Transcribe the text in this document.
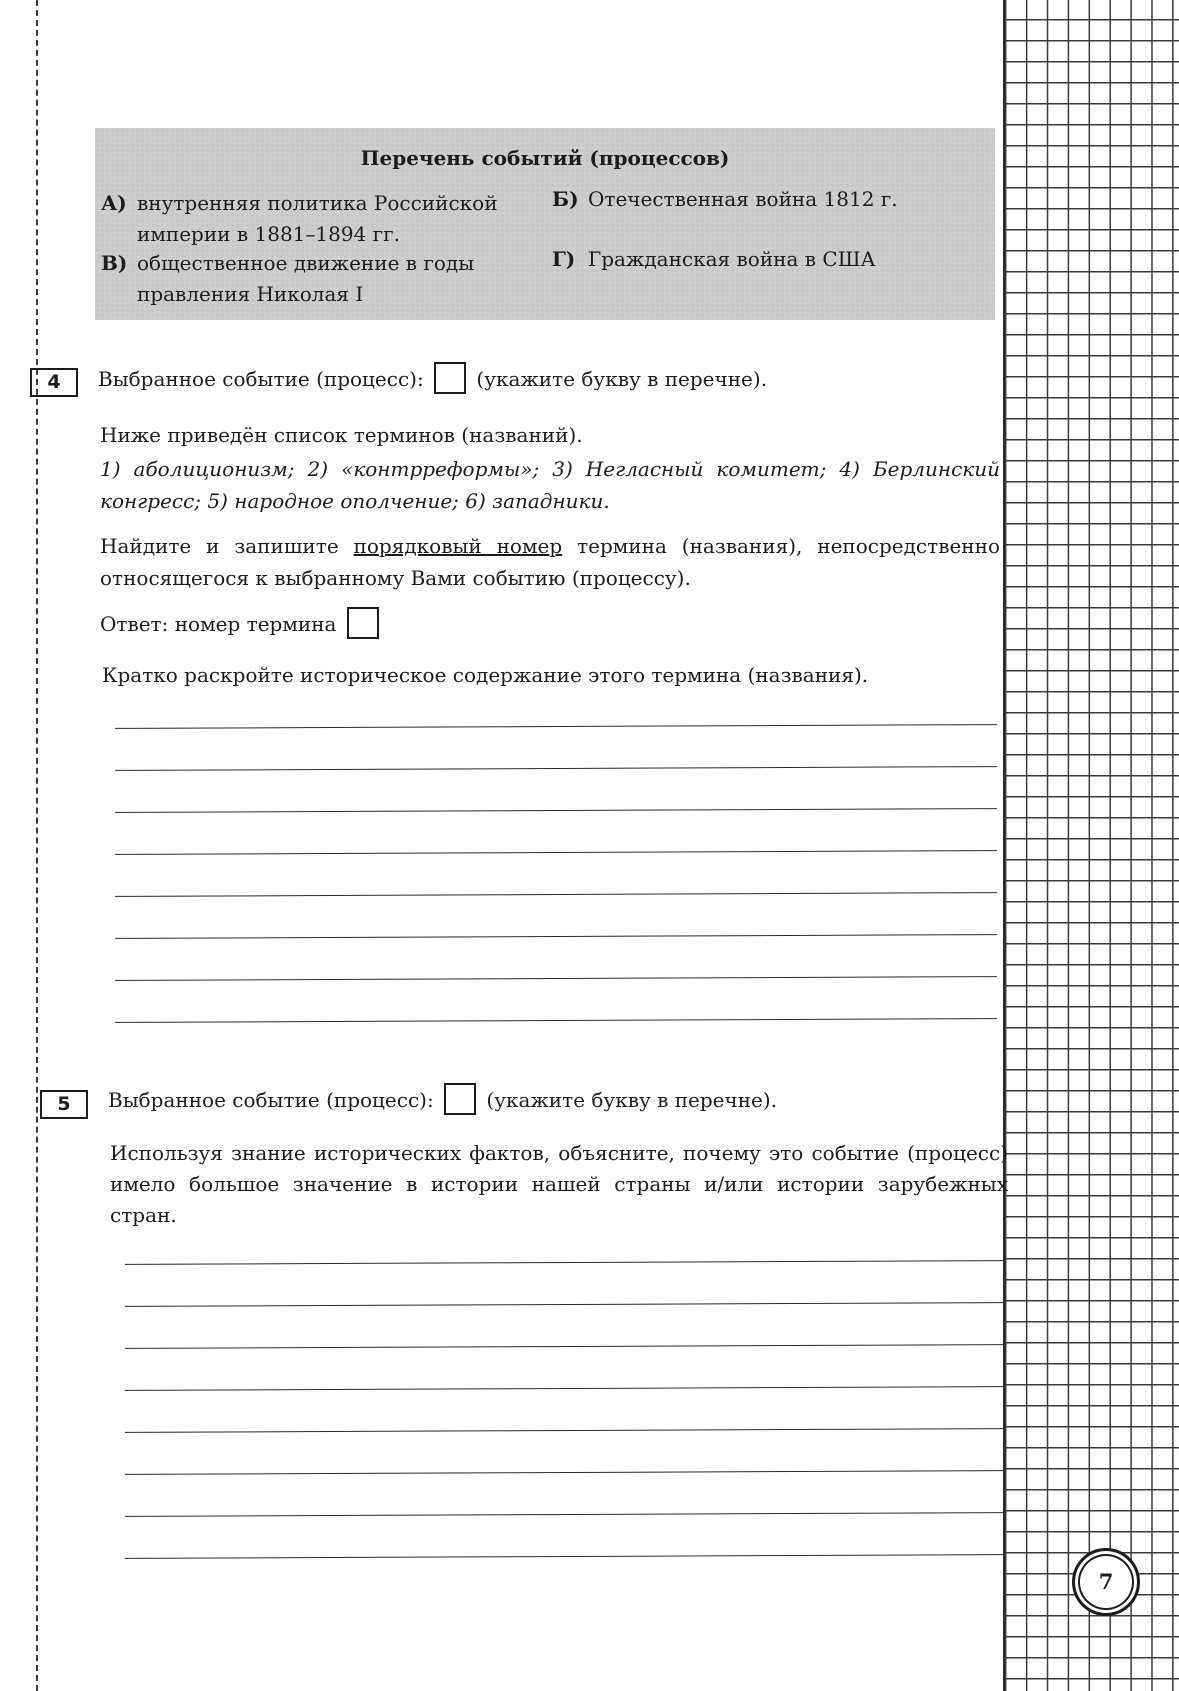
Перечень событий (процессов)
А) внутренняя политика Российской империи в 1881–1894 гг.
Б) Отечественная война 1812 г.
В) общественное движение в годы правления Николая I
Г) Гражданская война в США
4	Выбранное событие (процесс):	(укажите букву в перечне).
Ниже приведён список терминов (названий).
1) аболиционизм; 2) «контрреформы»; 3) Негласный комитет; 4) Берлинский конгресс; 5) народное ополчение; 6) западники.
Найдите и запишите порядковый номер термина (названия), непосредственно относящегося к выбранному Вами событию (процессу).
Ответ: номер термина
Кратко раскройте историческое содержание этого термина (названия).
5	Выбранное событие (процесс):	(укажите букву в перечне).
Используя знание исторических фактов, объясните, почему это событие (процесс) имело большое значение в истории нашей страны и/или истории зарубежных стран.
7
